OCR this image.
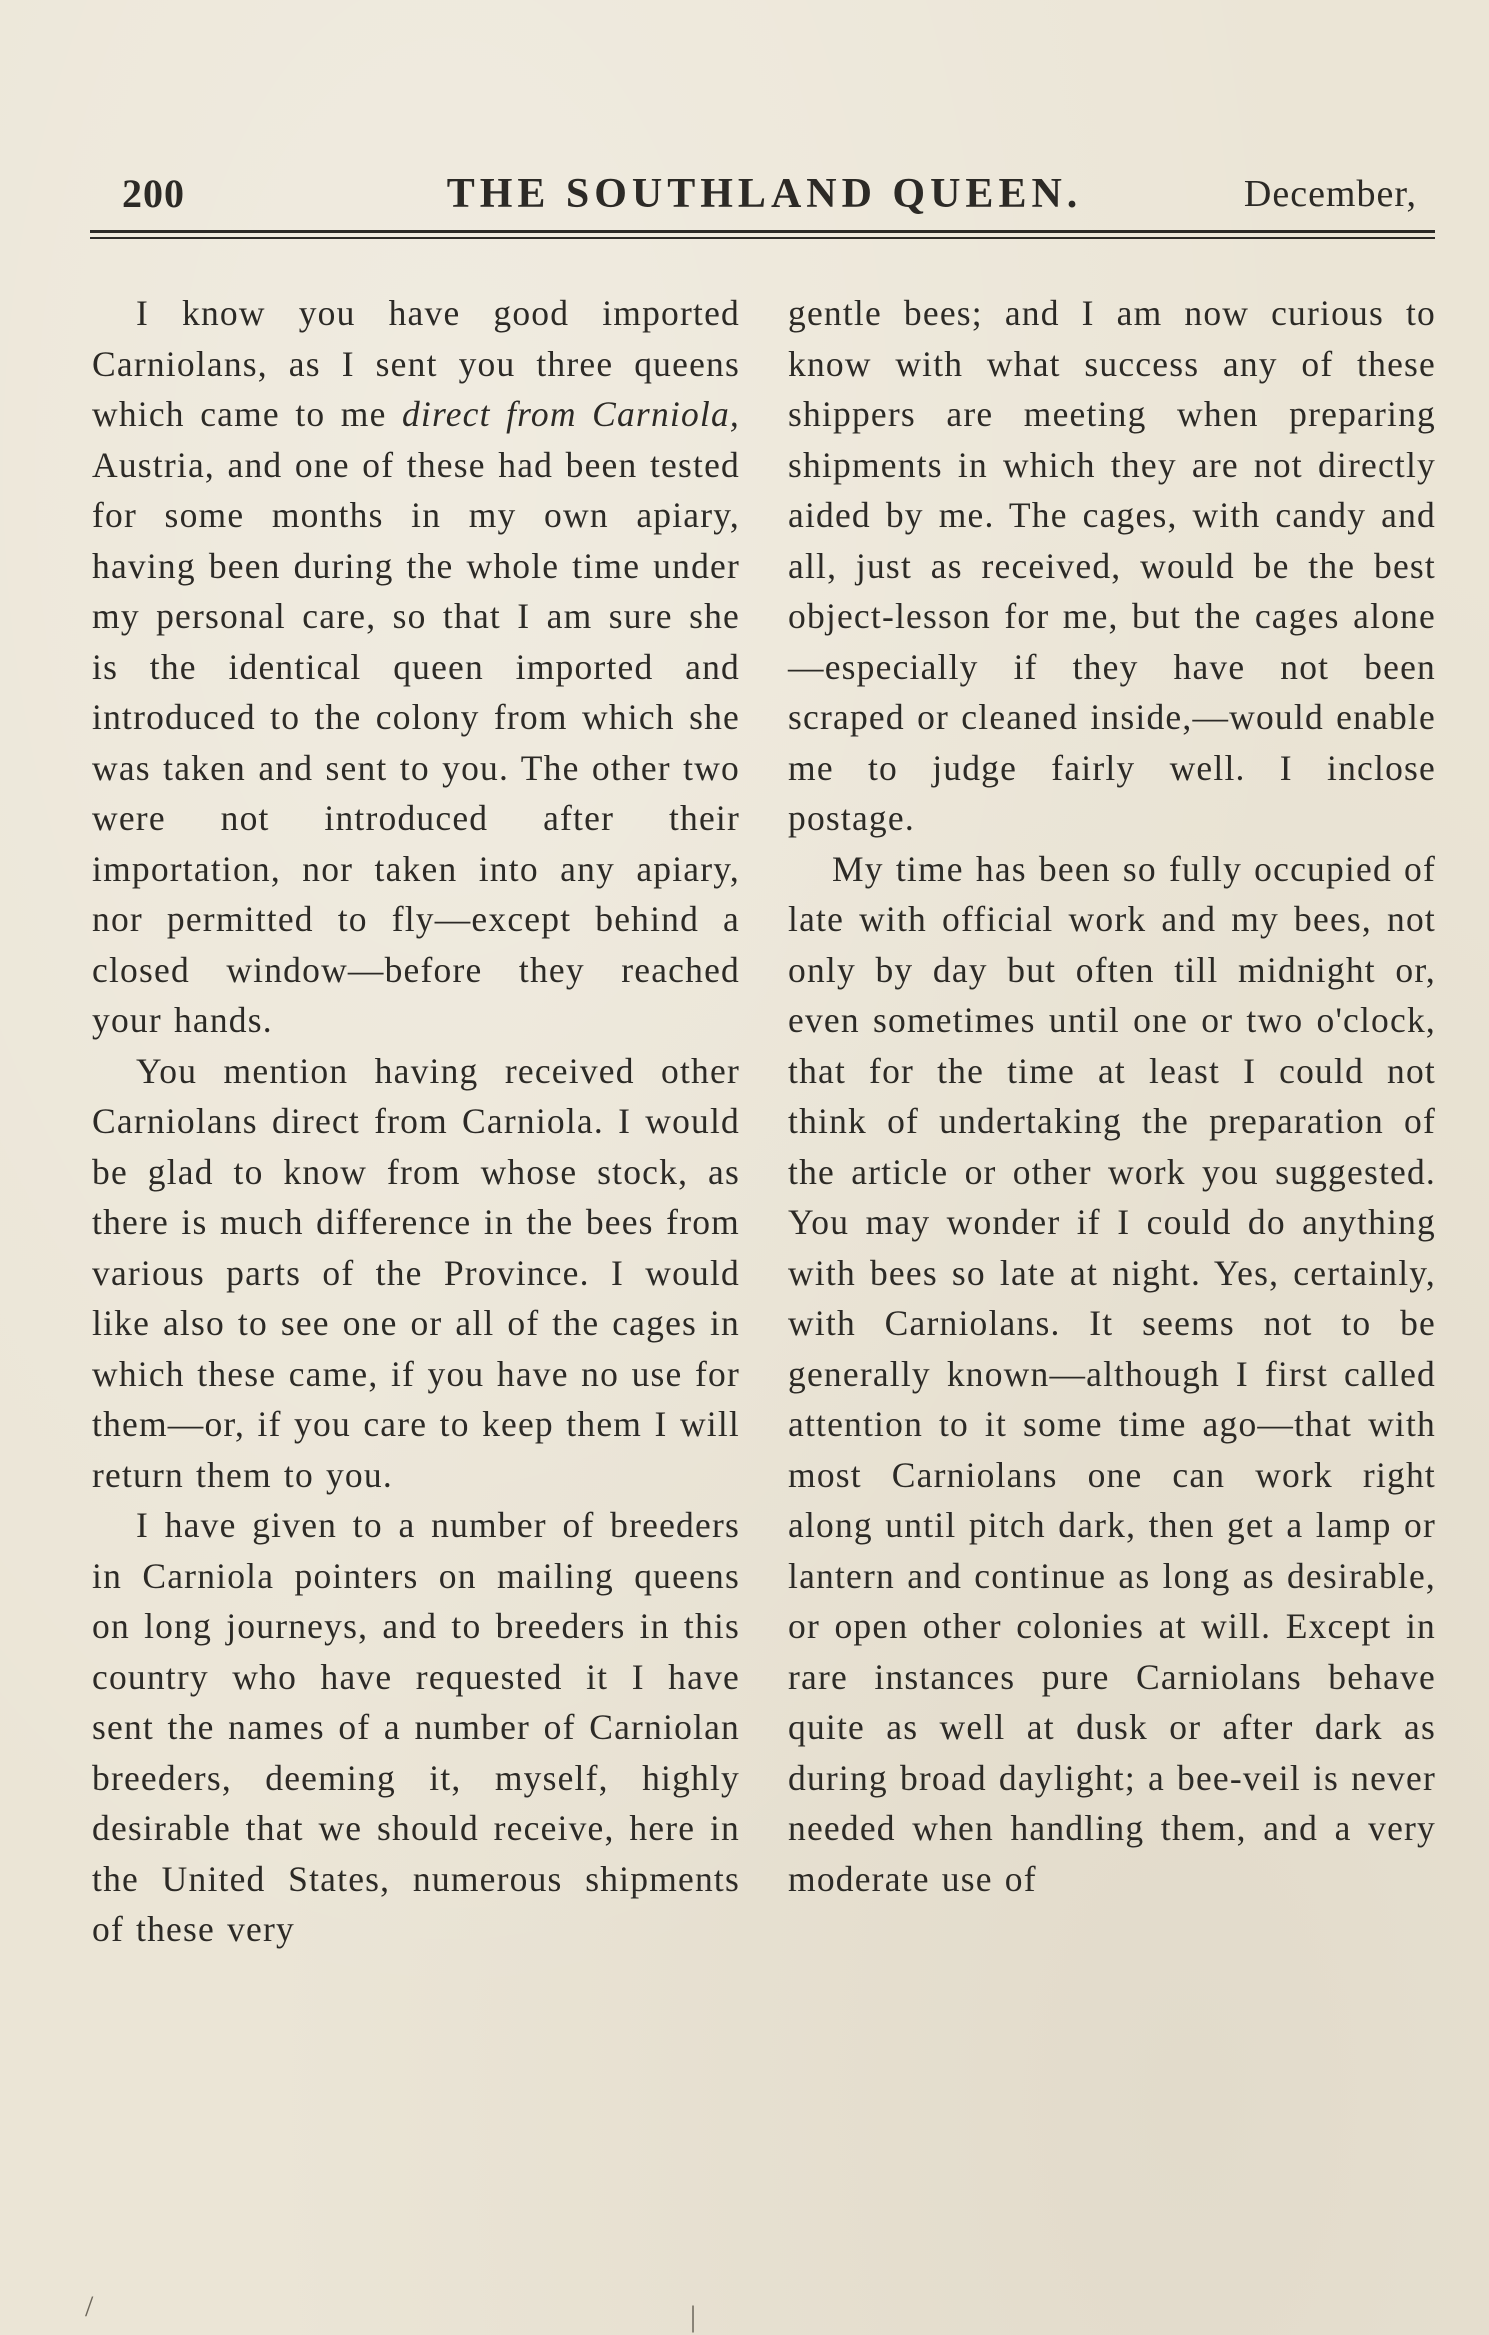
200	THE SOUTHLAND QUEEN.	December,

I know you have good imported Carniolans, as I sent you three queens which came to me direct from Carniola, Austria, and one of these had been tested for some months in my own apiary, having been during the whole time under my personal care, so that I am sure she is the identical queen imported and introduced to the colony from which she was taken and sent to you. The other two were not introduced after their importation, nor taken into any apiary, nor permitted to fly—except behind a closed window—before they reached your hands.

You mention having received other Carniolans direct from Carniola. I would be glad to know from whose stock, as there is much difference in the bees from various parts of the Province. I would like also to see one or all of the cages in which these came, if you have no use for them—or, if you care to keep them I will return them to you.

I have given to a number of breeders in Carniola pointers on mailing queens on long journeys, and to breeders in this country who have requested it I have sent the names of a number of Carniolan breeders, deeming it, myself, highly desirable that we should receive, here in the United States, numerous shipments of these very

gentle bees; and I am now curious to know with what success any of these shippers are meeting when preparing shipments in which they are not directly aided by me. The cages, with candy and all, just as received, would be the best object-lesson for me, but the cages alone—especially if they have not been scraped or cleaned inside,—would enable me to judge fairly well. I inclose postage.

My time has been so fully occupied of late with official work and my bees, not only by day but often till midnight or, even sometimes until one or two o'clock, that for the time at least I could not think of undertaking the preparation of the article or other work you suggested. You may wonder if I could do anything with bees so late at night. Yes, certainly, with Carniolans. It seems not to be generally known—although I first called attention to it some time ago—that with most Carniolans one can work right along until pitch dark, then get a lamp or lantern and continue as long as desirable, or open other colonies at will. Except in rare instances pure Carniolans behave quite as well at dusk or after dark as during broad daylight; a bee-veil is never needed when handling them, and a very moderate use of

/	|
